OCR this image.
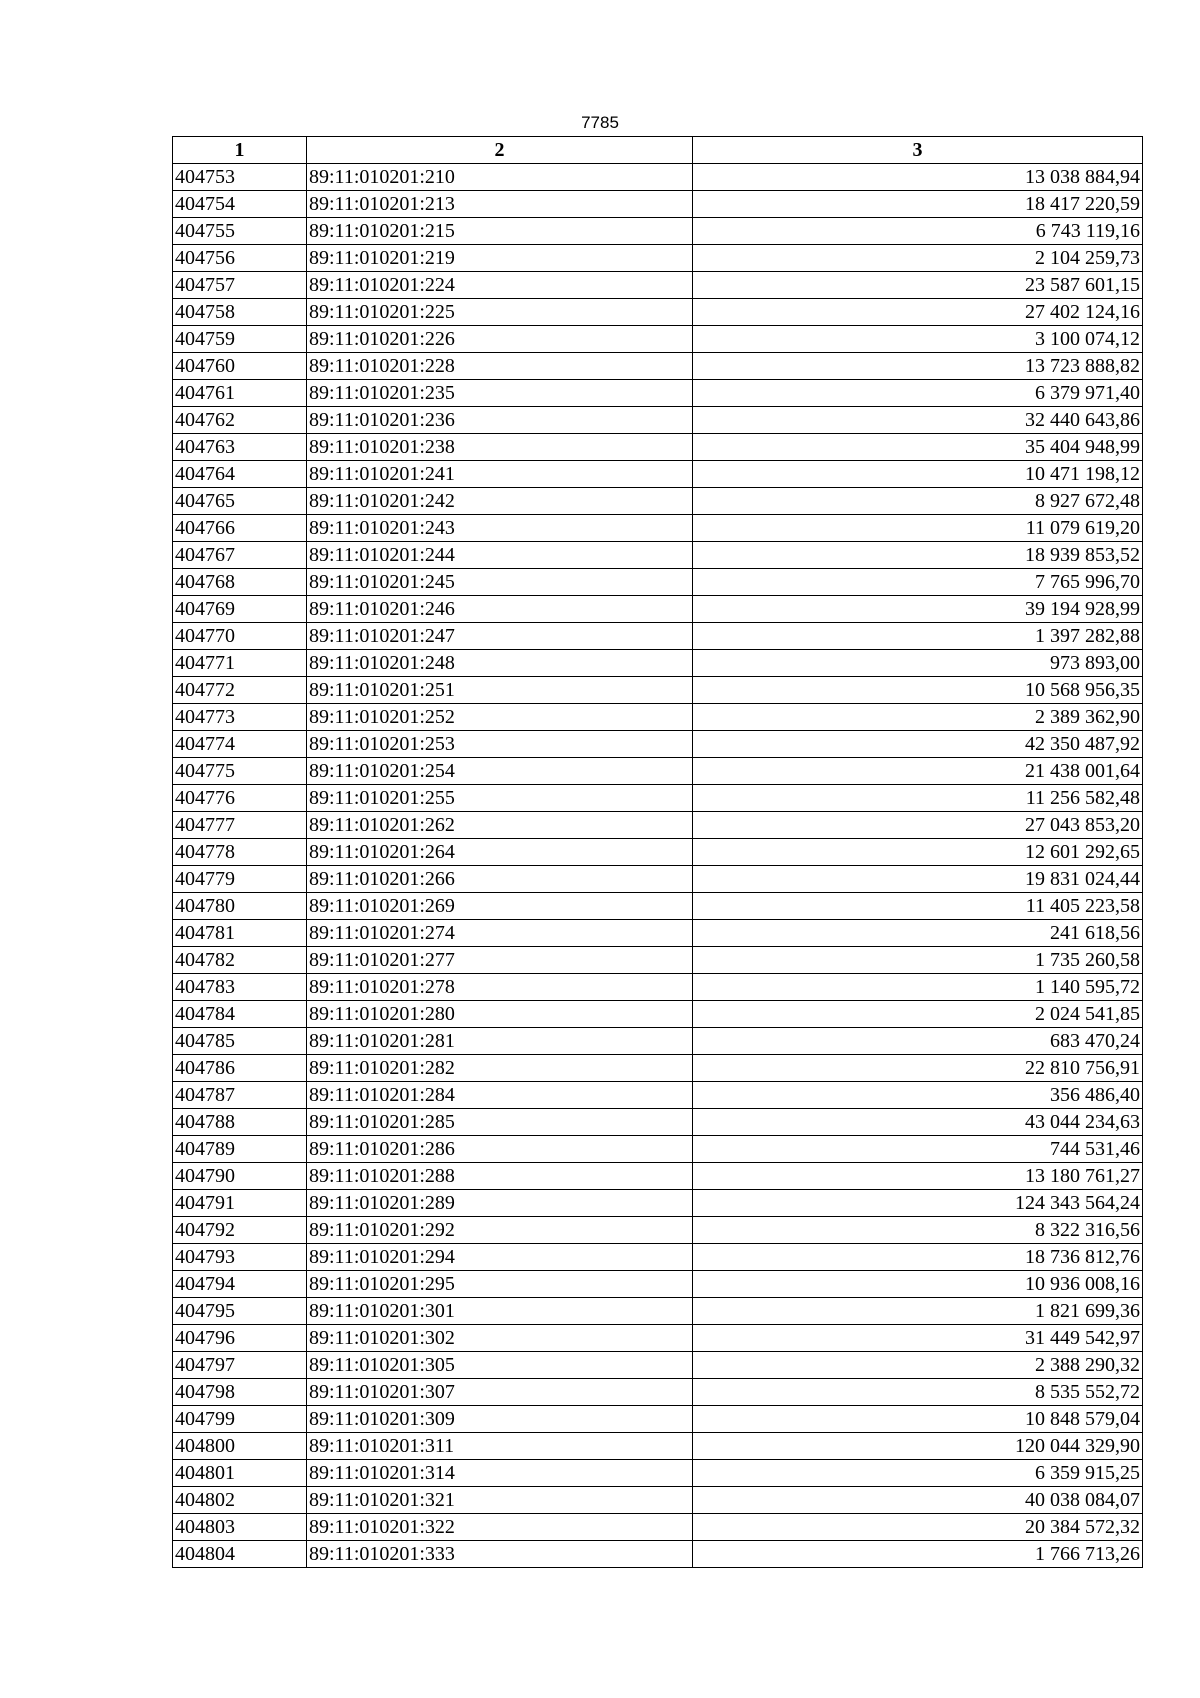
7785
1	2	3
404753	89:11:010201:210	13 038 884,94
404754	89:11:010201:213	18 417 220,59
404755	89:11:010201:215	6 743 119,16
404756	89:11:010201:219	2 104 259,73
404757	89:11:010201:224	23 587 601,15
404758	89:11:010201:225	27 402 124,16
404759	89:11:010201:226	3 100 074,12
404760	89:11:010201:228	13 723 888,82
404761	89:11:010201:235	6 379 971,40
404762	89:11:010201:236	32 440 643,86
404763	89:11:010201:238	35 404 948,99
404764	89:11:010201:241	10 471 198,12
404765	89:11:010201:242	8 927 672,48
404766	89:11:010201:243	11 079 619,20
404767	89:11:010201:244	18 939 853,52
404768	89:11:010201:245	7 765 996,70
404769	89:11:010201:246	39 194 928,99
404770	89:11:010201:247	1 397 282,88
404771	89:11:010201:248	973 893,00
404772	89:11:010201:251	10 568 956,35
404773	89:11:010201:252	2 389 362,90
404774	89:11:010201:253	42 350 487,92
404775	89:11:010201:254	21 438 001,64
404776	89:11:010201:255	11 256 582,48
404777	89:11:010201:262	27 043 853,20
404778	89:11:010201:264	12 601 292,65
404779	89:11:010201:266	19 831 024,44
404780	89:11:010201:269	11 405 223,58
404781	89:11:010201:274	241 618,56
404782	89:11:010201:277	1 735 260,58
404783	89:11:010201:278	1 140 595,72
404784	89:11:010201:280	2 024 541,85
404785	89:11:010201:281	683 470,24
404786	89:11:010201:282	22 810 756,91
404787	89:11:010201:284	356 486,40
404788	89:11:010201:285	43 044 234,63
404789	89:11:010201:286	744 531,46
404790	89:11:010201:288	13 180 761,27
404791	89:11:010201:289	124 343 564,24
404792	89:11:010201:292	8 322 316,56
404793	89:11:010201:294	18 736 812,76
404794	89:11:010201:295	10 936 008,16
404795	89:11:010201:301	1 821 699,36
404796	89:11:010201:302	31 449 542,97
404797	89:11:010201:305	2 388 290,32
404798	89:11:010201:307	8 535 552,72
404799	89:11:010201:309	10 848 579,04
404800	89:11:010201:311	120 044 329,90
404801	89:11:010201:314	6 359 915,25
404802	89:11:010201:321	40 038 084,07
404803	89:11:010201:322	20 384 572,32
404804	89:11:010201:333	1 766 713,26
